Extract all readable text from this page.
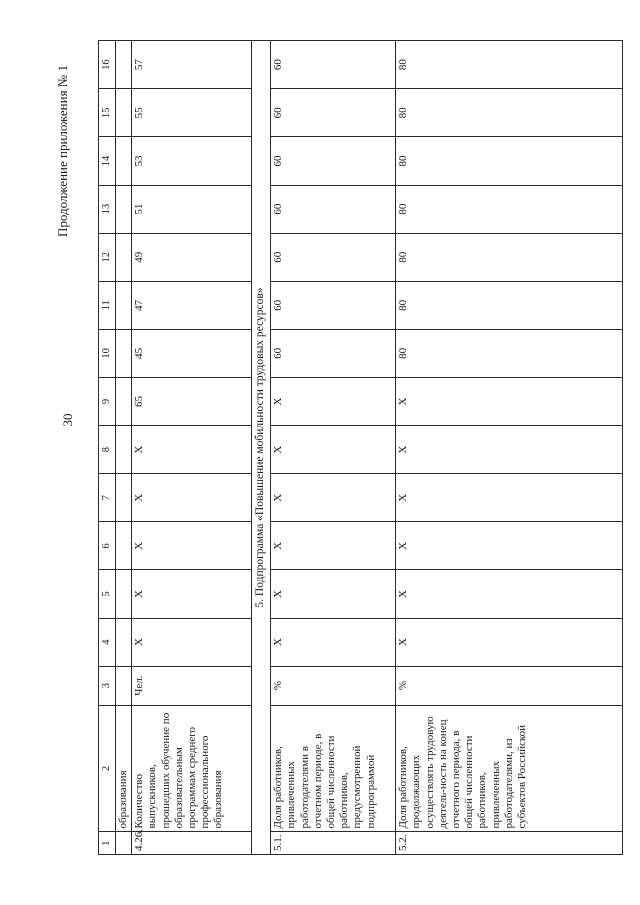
30
Продолжение приложения № 1
1	2	3	4	5	6	7	8	9	10	11	12	13	14	15	16
	образования														
4.26.	Количество выпускников, прошедших обучение по образовательным программам среднего профессионального образования	Чел.	X	X	X	X	X	65	45	47	49	51	53	55	57
5. Подпрограмма «Повышение мобильности трудовых ресурсов»															
5.1.	Доля работников, привлеченных работодателями в отчетном периоде, в общей численности работников, предусмотренной подпрограммой	%	X	X	X	X	X	X	60	60	60	60	60	60	60
5.2.	Доля работников, продолжающих осуществлять трудовую деятель-ность на конец отчетного периода, в общей численности работников, привлеченных работодателями, из субъектов Российской	%	X	X	X	X	X	X	80	80	80	80	80	80	80
